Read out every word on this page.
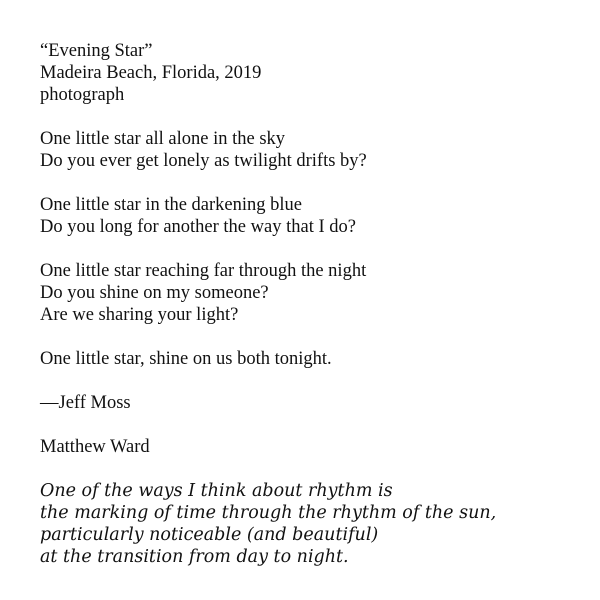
“Evening Star”
Madeira Beach, Florida, 2019
photograph
One little star all alone in the sky
Do you ever get lonely as twilight drifts by?
One little star in the darkening blue
Do you long for another the way that I do?
One little star reaching far through the night
Do you shine on my someone?
Are we sharing your light?
One little star, shine on us both tonight.
—Jeff Moss
Matthew Ward
One of the ways I think about rhythm is
the marking of time through the rhythm of the sun,
particularly noticeable (and beautiful)
at the transition from day to night.
